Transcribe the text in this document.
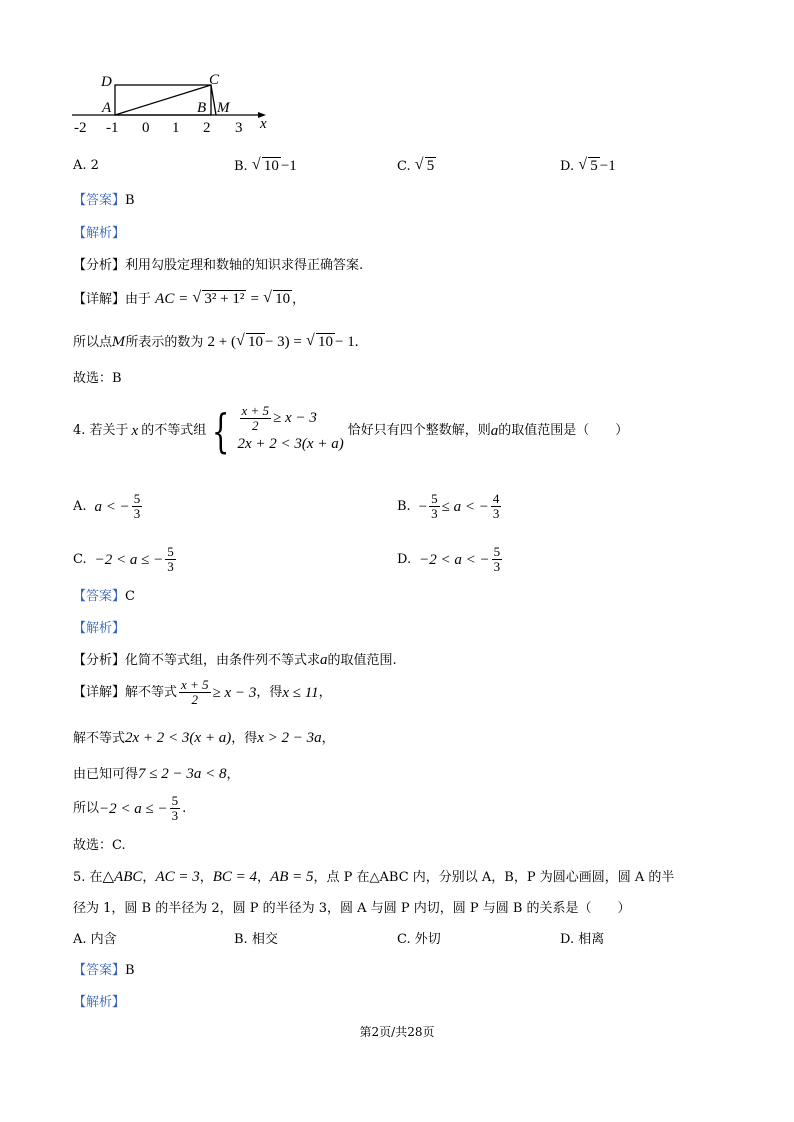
D	C
A	B M
x
-2 -1 0 1 2 3
A. 2	B. √ 10 −1	C. √ 5	D. √ 5 −1
【答案】B
【解析】
【分析】利用勾股定理和数轴的知识求得正确答案.
【详解】由于 AC = √ 3² + 1² = √ 10 ，
所以点M所表示的数为 2 + ( √ 10 − 3) = √ 10 − 1.
故选：B
4. 若关于 x 的不等式组 { $\frac{x + 5}{2} \ge x - 3$
2x + 2 < 3(x + a)
恰好只有四个整数解，则 a 的取值范围是（　　）
A. a < − $\frac{5}{3}$	B. − $\frac{5}{3} \le a$ < − $\frac{4}{3}$
C. −2 < a ≤ − $\frac{5}{3}$	D. −2 < a < − $\frac{5}{3}$
【答案】C
【解析】
【分析】化简不等式组，由条件列不等式求a的取值范围.
【详解】 解不等式 $\frac{x + 5}{2} \ge x - 3$ ，得 x ≤ 11 ，
解不等式2x + 2 < 3(x + a)，得x > 2 − 3a，
由已知可得7 ≤ 2 − 3a < 8，
所以 −2 < a ≤ − $\frac{5}{3}$ .
故选：C.
5. 在△ABC，AC = 3，BC = 4，AB = 5，点 P 在△ABC 内，分别以 A，B，P 为圆心画圆，圆 A 的半
径为 1，圆 B 的半径为 2，圆 P 的半径为 3，圆 A 与圆 P 内切，圆 P 与圆 B 的关系是（　　）
A. 内含	B. 相交	C. 外切	D. 相离
【答案】B
【解析】
第2页/共28页
